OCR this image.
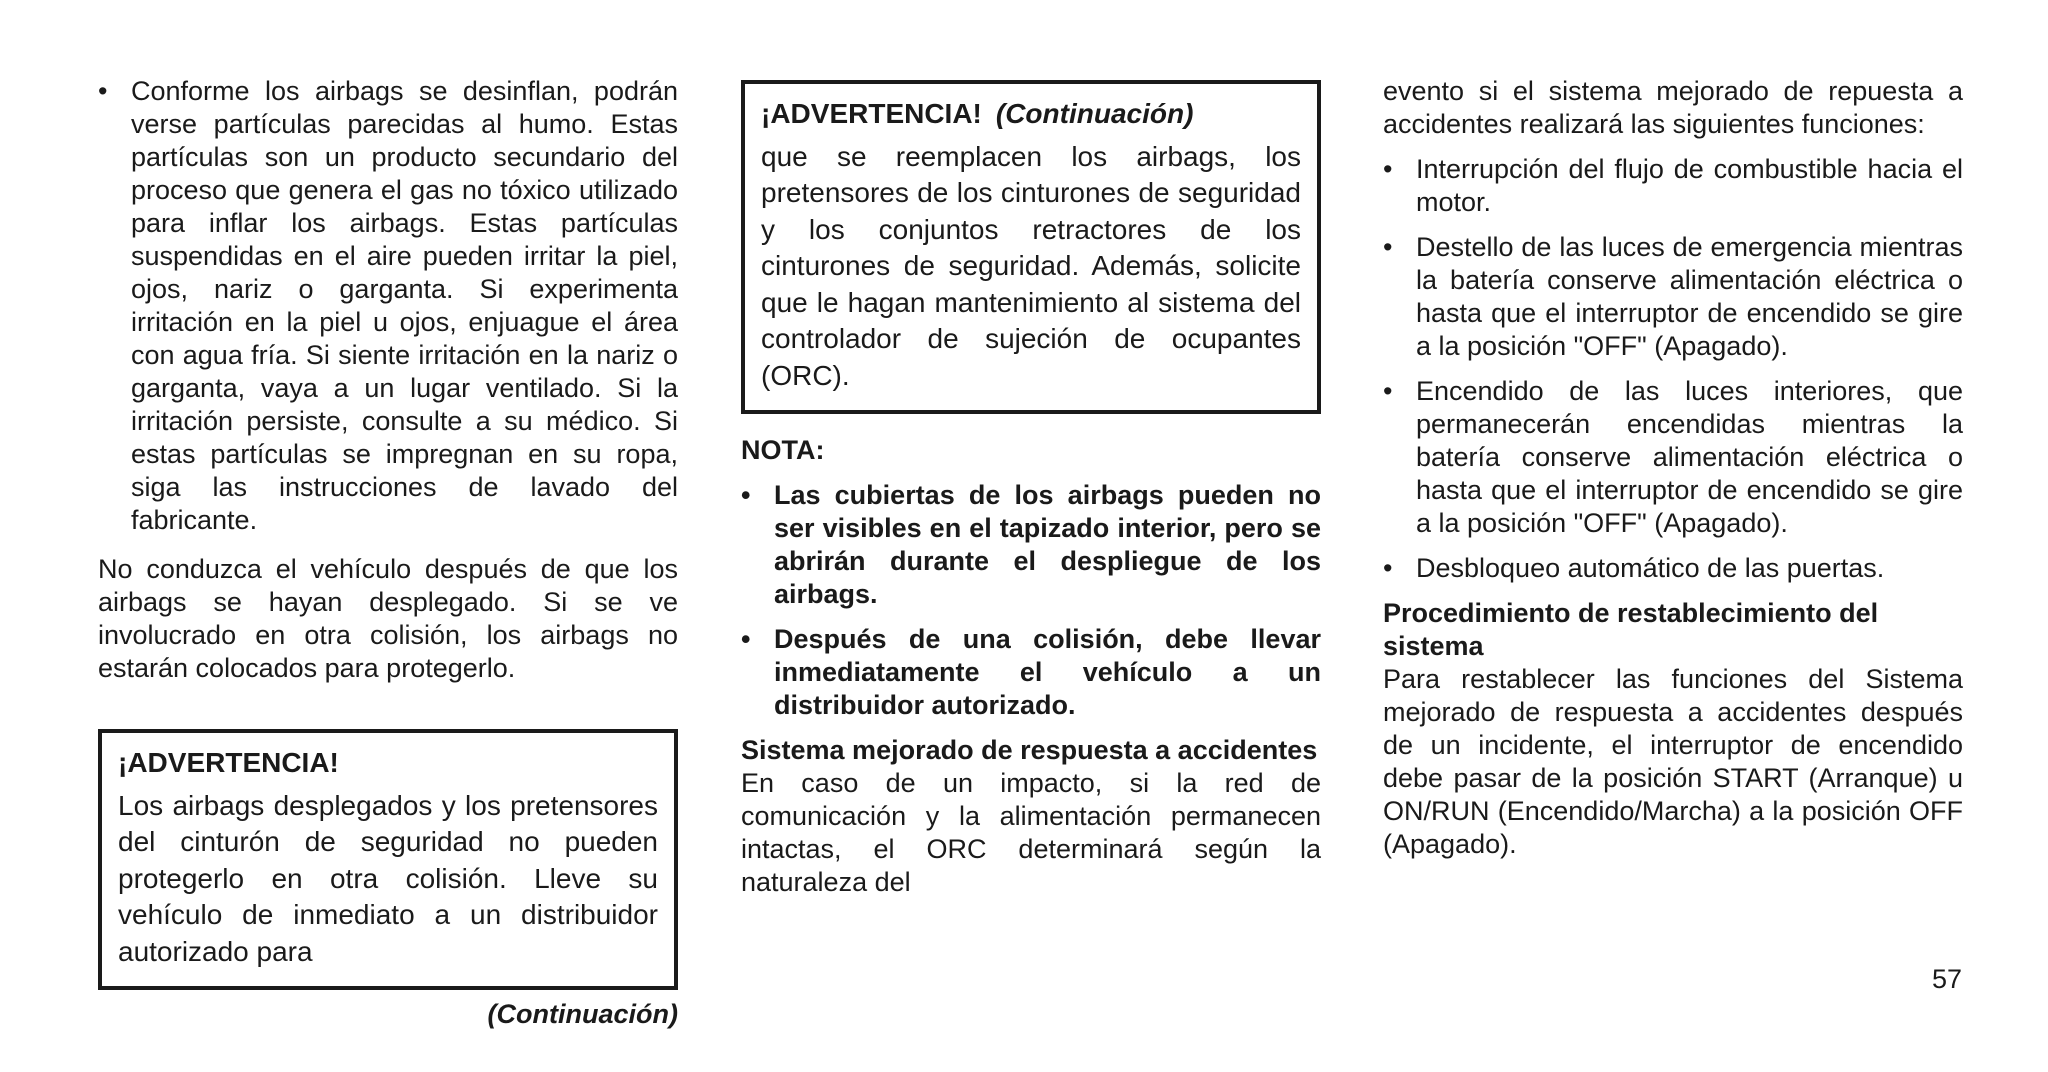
• Conforme los airbags se desinflan, podrán verse partículas parecidas al humo. Estas partículas son un producto secundario del proceso que genera el gas no tóxico utilizado para inflar los airbags. Estas partículas suspendidas en el aire pueden irritar la piel, ojos, nariz o garganta. Si experimenta irritación en la piel u ojos, enjuague el área con agua fría. Si siente irritación en la nariz o garganta, vaya a un lugar ventilado. Si la irritación persiste, consulte a su médico. Si estas partículas se impregnan en su ropa, siga las instrucciones de lavado del fabricante.

No conduzca el vehículo después de que los airbags se hayan desplegado. Si se ve involucrado en otra colisión, los airbags no estarán colocados para protegerlo.

¡ADVERTENCIA!
Los airbags desplegados y los pretensores del cinturón de seguridad no pueden protegerlo en otra colisión. Lleve su vehículo de inmediato a un distribuidor autorizado para
(Continuación)
¡ADVERTENCIA! (Continuación)
que se reemplacen los airbags, los pretensores de los cinturones de seguridad y los conjuntos retractores de los cinturones de seguridad. Además, solicite que le hagan mantenimiento al sistema del controlador de sujeción de ocupantes (ORC).
NOTA:
• Las cubiertas de los airbags pueden no ser visibles en el tapizado interior, pero se abrirán durante el despliegue de los airbags.
• Después de una colisión, debe llevar inmediatamente el vehículo a un distribuidor autorizado.
Sistema mejorado de respuesta a accidentes

En caso de un impacto, si la red de comunicación y la alimentación permanecen intactas, el ORC determinará según la naturaleza del

evento si el sistema mejorado de repuesta a accidentes realizará las siguientes funciones:

• Interrupción del flujo de combustible hacia el motor.
• Destello de las luces de emergencia mientras la batería conserve alimentación eléctrica o hasta que el interruptor de encendido se gire a la posición "OFF" (Apagado).
• Encendido de las luces interiores, que permanecerán encendidas mientras la batería conserve alimentación eléctrica o hasta que el interruptor de encendido se gire a la posición "OFF" (Apagado).
• Desbloqueo automático de las puertas.
Procedimiento de restablecimiento del sistema

Para restablecer las funciones del Sistema mejorado de respuesta a accidentes después de un incidente, el interruptor de encendido debe pasar de la posición START (Arranque) u ON/RUN (Encendido/Marcha) a la posición OFF (Apagado).

57
